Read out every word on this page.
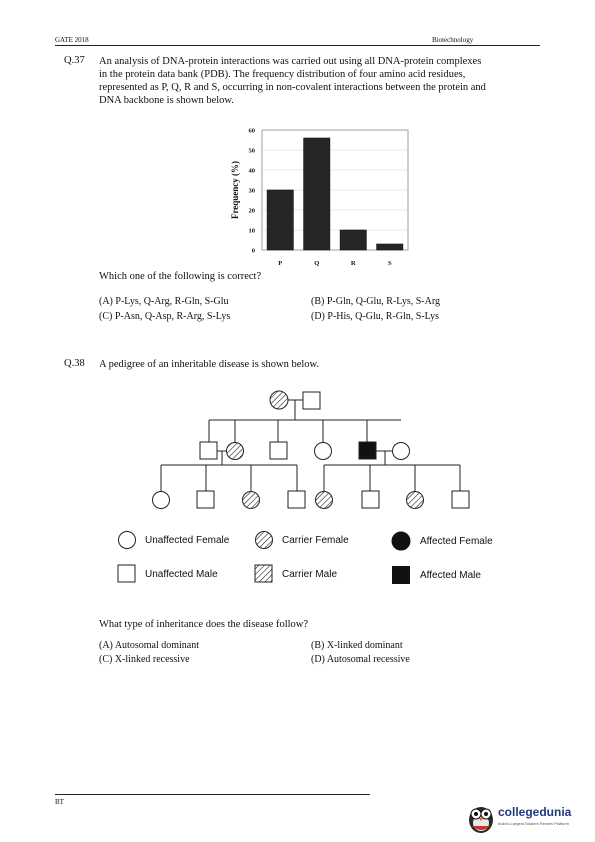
GATE 2018	Biotechnology
Q.37 An analysis of DNA-protein interactions was carried out using all DNA-protein complexes
in the protein data bank (PDB). The frequency distribution of four amino acid residues,
represented as P, Q, R and S, occurring in non-covalent interactions between the protein and
DNA backbone is shown below.
0
10
20
30
40
50
60
Frequency (%)
P	Q	R	S
Which one of the following is correct?
(A) P-Lys, Q-Arg, R-Gln, S-Glu	(B) P-Gln, Q-Glu, R-Lys, S-Arg
(C) P-Asn, Q-Asp, R-Arg, S-Lys	(D) P-His, Q-Glu, R-Gln, S-Lys
Q.38 A pedigree of an inheritable disease is shown below.
Unaffected Female	Carrier Female	Affected Female
Unaffected Male	Carrier Male	Affected Male
What type of inheritance does the disease follow?
(A) Autosomal dominant	(B) X-linked dominant
(C) X-linked recessive	(D) Autosomal recessive
BT
collegedunia
India's Largest Student Review Platform
